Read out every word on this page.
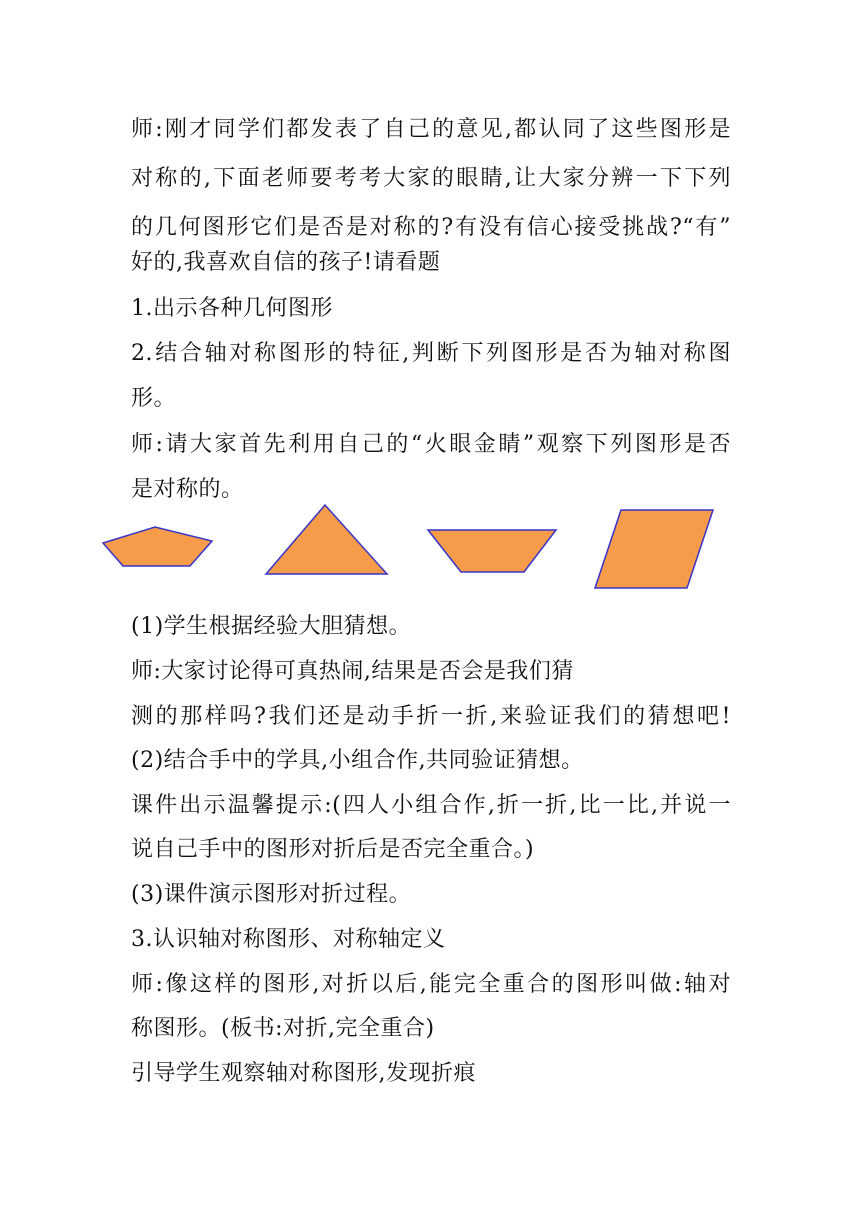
师:刚才同学们都发表了自己的意见,都认同了这些图形是
对称的,下面老师要考考大家的眼睛,让大家分辨一下下列
的几何图形它们是否是对称的?有没有信心接受挑战?“有”
好的,我喜欢自信的孩子!请看题
1.出示各种几何图形
2.结合轴对称图形的特征,判断下列图形是否为轴对称图
形。
师:请大家首先利用自己的“火眼金睛”观察下列图形是否
是对称的。
(1)学生根据经验大胆猜想。
师:大家讨论得可真热闹,结果是否会是我们猜
测的那样吗?我们还是动手折一折,来验证我们的猜想吧!
(2)结合手中的学具,小组合作,共同验证猜想。
课件出示温馨提示:(四人小组合作,折一折,比一比,并说一
说自己手中的图形对折后是否完全重合。)
(3)课件演示图形对折过程。
3.认识轴对称图形、对称轴定义
师:像这样的图形,对折以后,能完全重合的图形叫做:轴对
称图形。(板书:对折,完全重合)
引导学生观察轴对称图形,发现折痕
